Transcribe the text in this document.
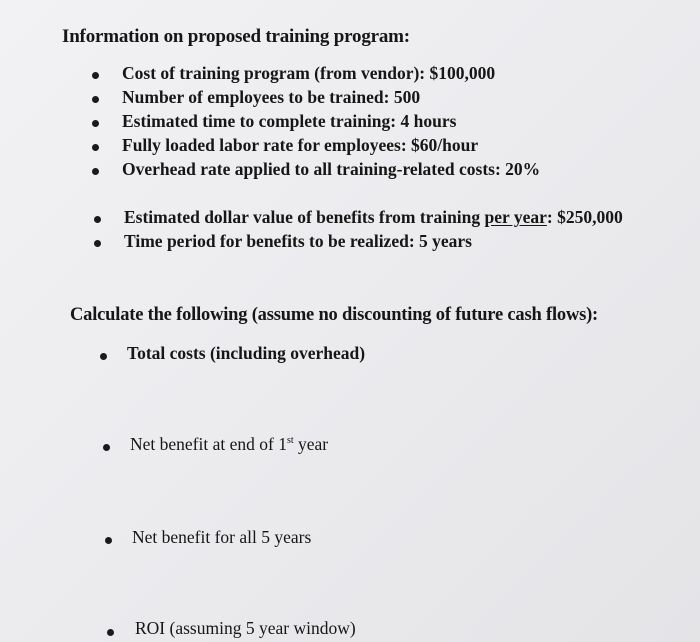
Information on proposed training program:
Cost of training program (from vendor): $100,000
Number of employees to be trained: 500
Estimated time to complete training: 4 hours
Fully loaded labor rate for employees: $60/hour
Overhead rate applied to all training-related costs: 20%
Estimated dollar value of benefits from training per year: $250,000
Time period for benefits to be realized: 5 years
Calculate the following (assume no discounting of future cash flows):
Total costs (including overhead)
Net benefit at end of 1st year
Net benefit for all 5 years
ROI (assuming 5 year window)
